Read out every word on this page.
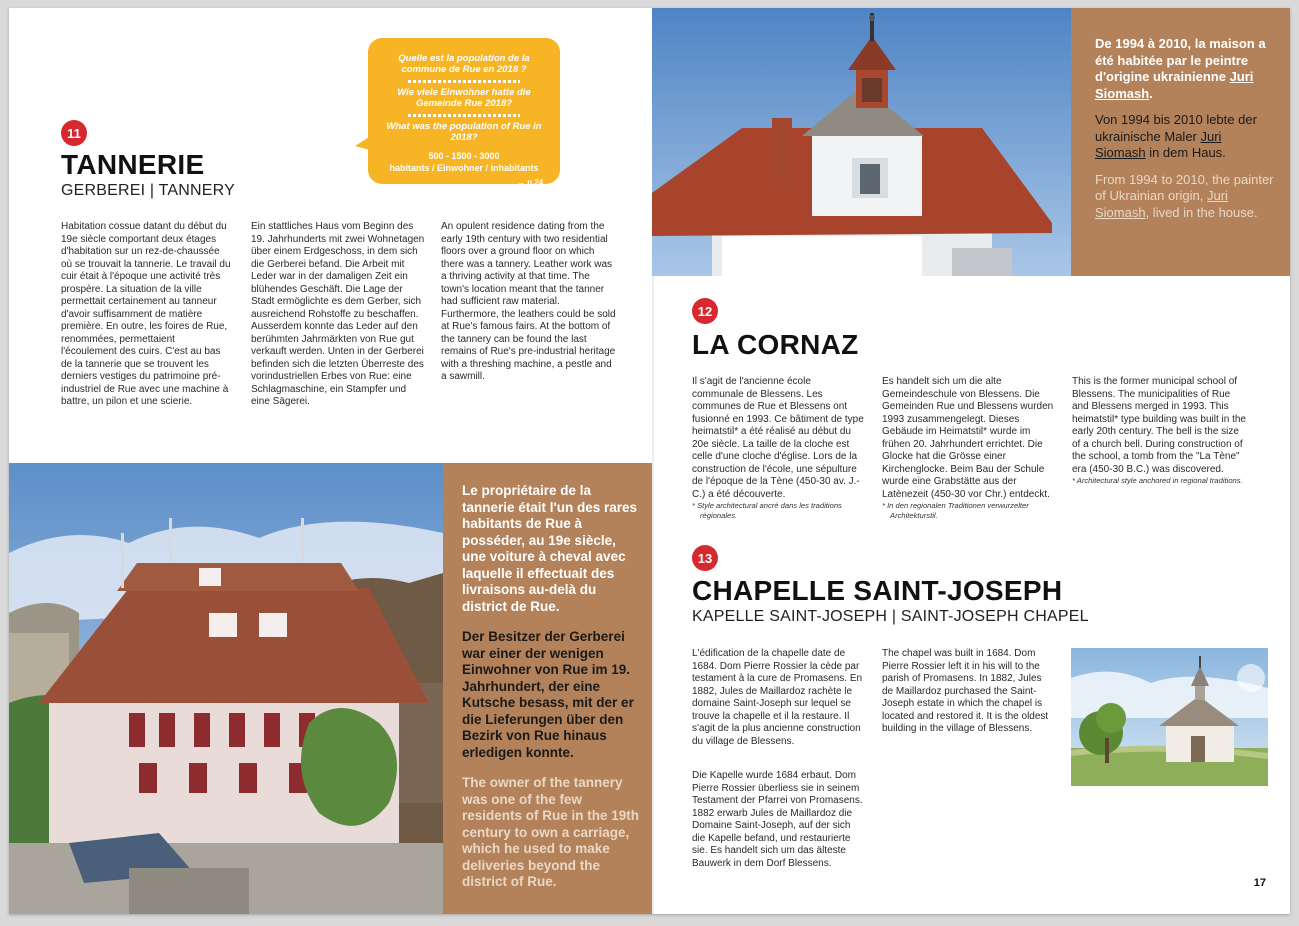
11
TANNERIE
GERBEREI | TANNERY
Quelle est la population de la commune de Rue en 2018 ?
Wie viele Einwohner hatte die Gemeinde Rue 2018?
What was the population of Rue in 2018?
500 - 1500 - 3000
habitants / Einwohner / inhabitants
→ p.24

Habitation cossue datant du début du 19e siècle comportant deux étages d'habitation sur un rez-de-chaussée où se trouvait la tannerie. Le travail du cuir était à l'époque une activité très prospère. La situation de la ville permettait certainement au tanneur d'avoir suffisamment de matière première. En outre, les foires de Rue, renommées, permettaient l'écoulement des cuirs. C'est au bas de la tannerie que se trouvent les derniers vestiges du patrimoine pré-industriel de Rue avec une machine à battre, un pilon et une scierie.

Ein stattliches Haus vom Beginn des 19. Jahrhunderts mit zwei Wohnetagen über einem Erdgeschoss, in dem sich die Gerberei befand. Die Arbeit mit Leder war in der damaligen Zeit ein blühendes Geschäft. Die Lage der Stadt ermöglichte es dem Gerber, sich ausreichend Rohstoffe zu beschaffen. Ausserdem konnte das Leder auf den berühmten Jahrmärkten von Rue gut verkauft werden. Unten in der Gerberei befinden sich die letzten Überreste des vorindustriellen Erbes von Rue: eine Schlagmaschine, ein Stampfer und eine Sägerei.

An opulent residence dating from the early 19th century with two residential floors over a ground floor on which there was a tannery. Leather work was a thriving activity at that time. The town's location meant that the tanner had sufficient raw material. Furthermore, the leathers could be sold at Rue's famous fairs. At the bottom of the tannery can be found the last remains of Rue's pre-industrial heritage with a threshing machine, a pestle and a sawmill.

Le propriétaire de la tannerie était l'un des rares habitants de Rue à posséder, au 19e siècle, une voiture à cheval avec laquelle il effectuait des livraisons au-delà du district de Rue.

Der Besitzer der Gerberei war einer der wenigen Einwohner von Rue im 19. Jahrhundert, der eine Kutsche besass, mit der er die Lieferungen über den Bezirk von Rue hinaus erledigen konnte.

The owner of the tannery was one of the few residents of Rue in the 19th century to own a carriage, which he used to make deliveries beyond the district of Rue.

De 1994 à 2010, la maison a été habitée par le peintre d'origine ukrainienne Juri Siomash.

Von 1994 bis 2010 lebte der ukrainische Maler Juri Siomash in dem Haus.

From 1994 to 2010, the painter of Ukrainian origin, Juri Siomash, lived in the house.

12
LA CORNAZ

Il s'agit de l'ancienne école communale de Blessens. Les communes de Rue et Blessens ont fusionné en 1993. Ce bâtiment de type heimatstil* a été réalisé au début du 20e siècle. La taille de la cloche est celle d'une cloche d'église. Lors de la construction de l'école, une sépulture de l'époque de la Tène (450-30 av. J.-C.) a été découverte.

* Style architectural ancré dans les traditions régionales.

Es handelt sich um die alte Gemeindeschule von Blessens. Die Gemeinden Rue und Blessens wurden 1993 zusammengelegt. Dieses Gebäude im Heimatstil* wurde im frühen 20. Jahrhundert errichtet. Die Glocke hat die Grösse einer Kirchenglocke. Beim Bau der Schule wurde eine Grabstätte aus der Latènezeit (450-30 vor Chr.) entdeckt.

* In den regionalen Traditionen verwurzelter Architekturstil.

This is the former municipal school of Blessens. The municipalities of Rue and Blessens merged in 1993. This heimatstil* type building was built in the early 20th century. The bell is the size of a church bell. During construction of the school, a tomb from the "La Tène" era (450-30 B.C.) was discovered.

* Architectural style anchored in regional traditions.

13
CHAPELLE SAINT-JOSEPH
KAPELLE SAINT-JOSEPH | SAINT-JOSEPH CHAPEL

L'édification de la chapelle date de 1684. Dom Pierre Rossier la cède par testament à la cure de Promasens. En 1882, Jules de Maillardoz rachète le domaine Saint-Joseph sur lequel se trouve la chapelle et il la restaure. Il s'agit de la plus ancienne construction du village de Blessens.

Die Kapelle wurde 1684 erbaut. Dom Pierre Rossier überliess sie in seinem Testament der Pfarrei von Promasens. 1882 erwarb Jules de Maillardoz die Domaine Saint-Joseph, auf der sich die Kapelle befand, und restaurierte sie. Es handelt sich um das älteste Bauwerk in dem Dorf Blessens.

The chapel was built in 1684. Dom Pierre Rossier left it in his will to the parish of Promasens. In 1882, Jules de Maillardoz purchased the Saint-Joseph estate in which the chapel is located and restored it. It is the oldest building in the village of Blessens.

17
